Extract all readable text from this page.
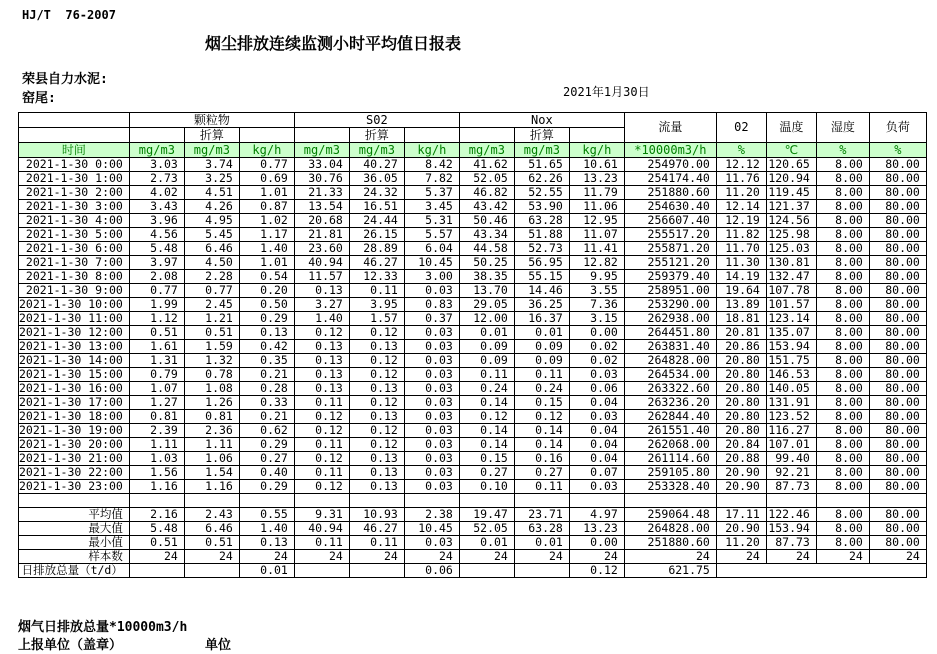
HJ/T  76-2007
烟尘排放连续监测小时平均值日报表
荣县自力水泥:
窑尾:	2021年1月30日
	颗粒物			S02			Nox			流量	02	温度	湿度	负荷
		折算			折算			折算						
时间	mg/m3	mg/m3	kg/h	mg/m3	mg/m3	kg/h	mg/m3	mg/m3	kg/h	*10000m3/h	%	℃	%	%
2021-1-30 0:00	3.03	3.74	0.77	33.04	40.27	8.42	41.62	51.65	10.61	254970.00	12.12	120.65	8.00	80.00
2021-1-30 1:00	2.73	3.25	0.69	30.76	36.05	7.82	52.05	62.26	13.23	254174.40	11.76	120.94	8.00	80.00
2021-1-30 2:00	4.02	4.51	1.01	21.33	24.32	5.37	46.82	52.55	11.79	251880.60	11.20	119.45	8.00	80.00
2021-1-30 3:00	3.43	4.26	0.87	13.54	16.51	3.45	43.42	53.90	11.06	254630.40	12.14	121.37	8.00	80.00
2021-1-30 4:00	3.96	4.95	1.02	20.68	24.44	5.31	50.46	63.28	12.95	256607.40	12.19	124.56	8.00	80.00
2021-1-30 5:00	4.56	5.45	1.17	21.81	26.15	5.57	43.34	51.88	11.07	255517.20	11.82	125.98	8.00	80.00
2021-1-30 6:00	5.48	6.46	1.40	23.60	28.89	6.04	44.58	52.73	11.41	255871.20	11.70	125.03	8.00	80.00
2021-1-30 7:00	3.97	4.50	1.01	40.94	46.27	10.45	50.25	56.95	12.82	255121.20	11.30	130.81	8.00	80.00
2021-1-30 8:00	2.08	2.28	0.54	11.57	12.33	3.00	38.35	55.15	9.95	259379.40	14.19	132.47	8.00	80.00
2021-1-30 9:00	0.77	0.77	0.20	0.13	0.11	0.03	13.70	14.46	3.55	258951.00	19.64	107.78	8.00	80.00
2021-1-30 10:00	1.99	2.45	0.50	3.27	3.95	0.83	29.05	36.25	7.36	253290.00	13.89	101.57	8.00	80.00
2021-1-30 11:00	1.12	1.21	0.29	1.40	1.57	0.37	12.00	16.37	3.15	262938.00	18.81	123.14	8.00	80.00
2021-1-30 12:00	0.51	0.51	0.13	0.12	0.12	0.03	0.01	0.01	0.00	264451.80	20.81	135.07	8.00	80.00
2021-1-30 13:00	1.61	1.59	0.42	0.13	0.13	0.03	0.09	0.09	0.02	263831.40	20.86	153.94	8.00	80.00
2021-1-30 14:00	1.31	1.32	0.35	0.13	0.12	0.03	0.09	0.09	0.02	264828.00	20.80	151.75	8.00	80.00
2021-1-30 15:00	0.79	0.78	0.21	0.13	0.12	0.03	0.11	0.11	0.03	264534.00	20.80	146.53	8.00	80.00
2021-1-30 16:00	1.07	1.08	0.28	0.13	0.13	0.03	0.24	0.24	0.06	263322.60	20.80	140.05	8.00	80.00
2021-1-30 17:00	1.27	1.26	0.33	0.11	0.12	0.03	0.14	0.15	0.04	263236.20	20.80	131.91	8.00	80.00
2021-1-30 18:00	0.81	0.81	0.21	0.12	0.13	0.03	0.12	0.12	0.03	262844.40	20.80	123.52	8.00	80.00
2021-1-30 19:00	2.39	2.36	0.62	0.12	0.12	0.03	0.14	0.14	0.04	261551.40	20.80	116.27	8.00	80.00
2021-1-30 20:00	1.11	1.11	0.29	0.11	0.12	0.03	0.14	0.14	0.04	262068.00	20.84	107.01	8.00	80.00
2021-1-30 21:00	1.03	1.06	0.27	0.12	0.13	0.03	0.15	0.16	0.04	261114.60	20.88	99.40	8.00	80.00
2021-1-30 22:00	1.56	1.54	0.40	0.11	0.13	0.03	0.27	0.27	0.07	259105.80	20.90	92.21	8.00	80.00
2021-1-30 23:00	1.16	1.16	0.29	0.12	0.13	0.03	0.10	0.11	0.03	253328.40	20.90	87.73	8.00	80.00

平均值	2.16	2.43	0.55	9.31	10.93	2.38	19.47	23.71	4.97	259064.48	17.11	122.46	8.00	80.00
最大值	5.48	6.46	1.40	40.94	46.27	10.45	52.05	63.28	13.23	264828.00	20.90	153.94	8.00	80.00
最小值	0.51	0.51	0.13	0.11	0.11	0.03	0.01	0.01	0.00	251880.60	11.20	87.73	8.00	80.00
样本数	24	24	24	24	24	24	24	24	24	24	24	24	24	24
日排放总量（t/d）			0.01			0.06			0.12	621.75				
烟气日排放总量*10000m3/h
上报单位（盖章）	单位
